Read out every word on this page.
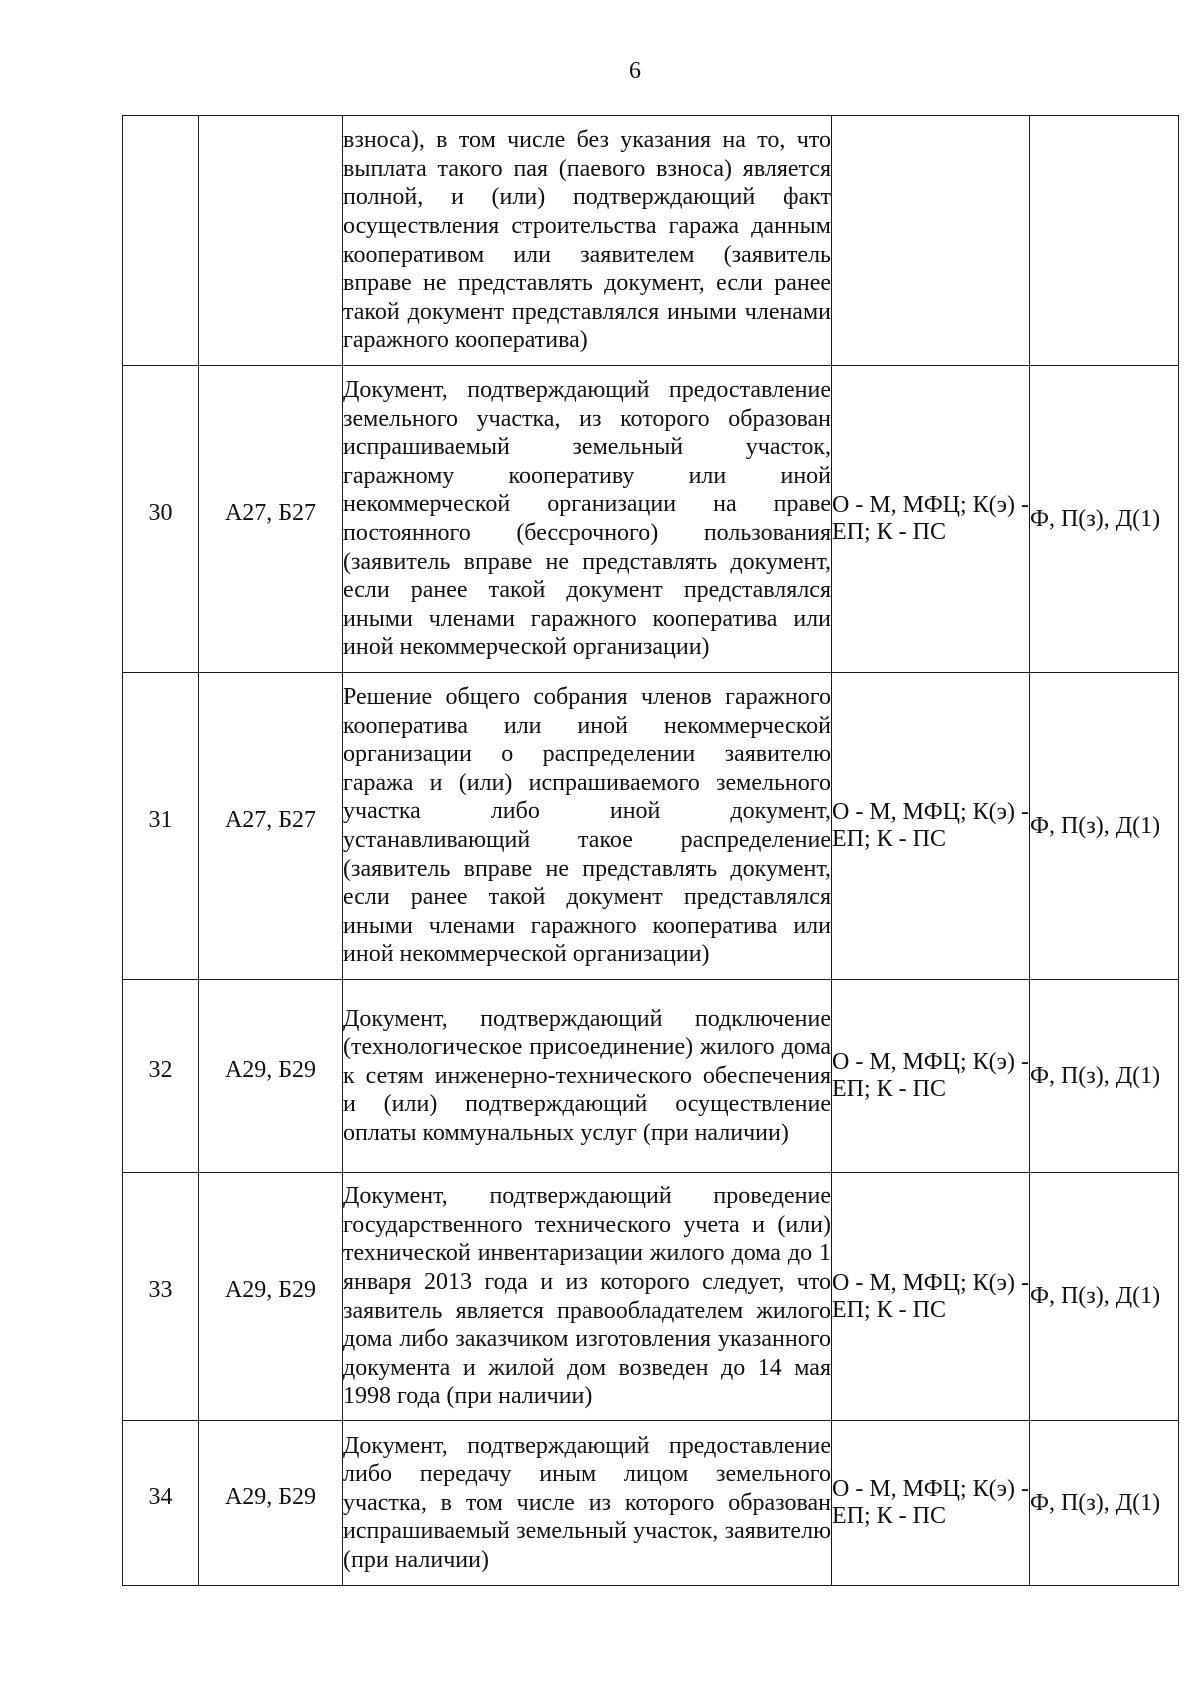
6
		взноса), в том числе без указания на то, что выплата такого пая (паевого взноса) является полной, и (или) подтверждающий факт осуществления строительства гаража данным кооперативом или заявителем (заявитель вправе не представлять документ, если ранее такой документ представлялся иными членами гаражного кооператива)	

30	А27, Б27	Документ, подтверждающий предоставление земельного участка, из которого образован испрашиваемый земельный участок, гаражному кооперативу или иной некоммерческой организации на праве постоянного (бессрочного) пользования (заявитель вправе не представлять документ, если ранее такой документ представлялся иными членами гаражного кооператива или иной некоммерческой организации)	О - М, МФЦ; К(э) - ЕП; К - ПС	Ф, П(з), Д(1)

31	А27, Б27	Решение общего собрания членов гаражного кооператива или иной некоммерческой организации о распределении заявителю гаража и (или) испрашиваемого земельного участка либо иной документ, устанавливающий такое распределение (заявитель вправе не представлять документ, если ранее такой документ представлялся иными членами гаражного кооператива или иной некоммерческой организации)	О - М, МФЦ; К(э) - ЕП; К - ПС	Ф, П(з), Д(1)

32	А29, Б29	Документ, подтверждающий подключение (технологическое присоединение) жилого дома к сетям инженерно-технического обеспечения и (или) подтверждающий осуществление оплаты коммунальных услуг (при наличии)	О - М, МФЦ; К(э) - ЕП; К - ПС	Ф, П(з), Д(1)

33	А29, Б29	Документ, подтверждающий проведение государственного технического учета и (или) технической инвентаризации жилого дома до 1 января 2013 года и из которого следует, что заявитель является правообладателем жилого дома либо заказчиком изготовления указанного документа и жилой дом возведен до 14 мая 1998 года (при наличии)	О - М, МФЦ; К(э) - ЕП; К - ПС	Ф, П(з), Д(1)

34	А29, Б29	Документ, подтверждающий предоставление либо передачу иным лицом земельного участка, в том числе из которого образован испрашиваемый земельный участок, заявителю (при наличии)	О - М, МФЦ; К(э) - ЕП; К - ПС	Ф, П(з), Д(1)
